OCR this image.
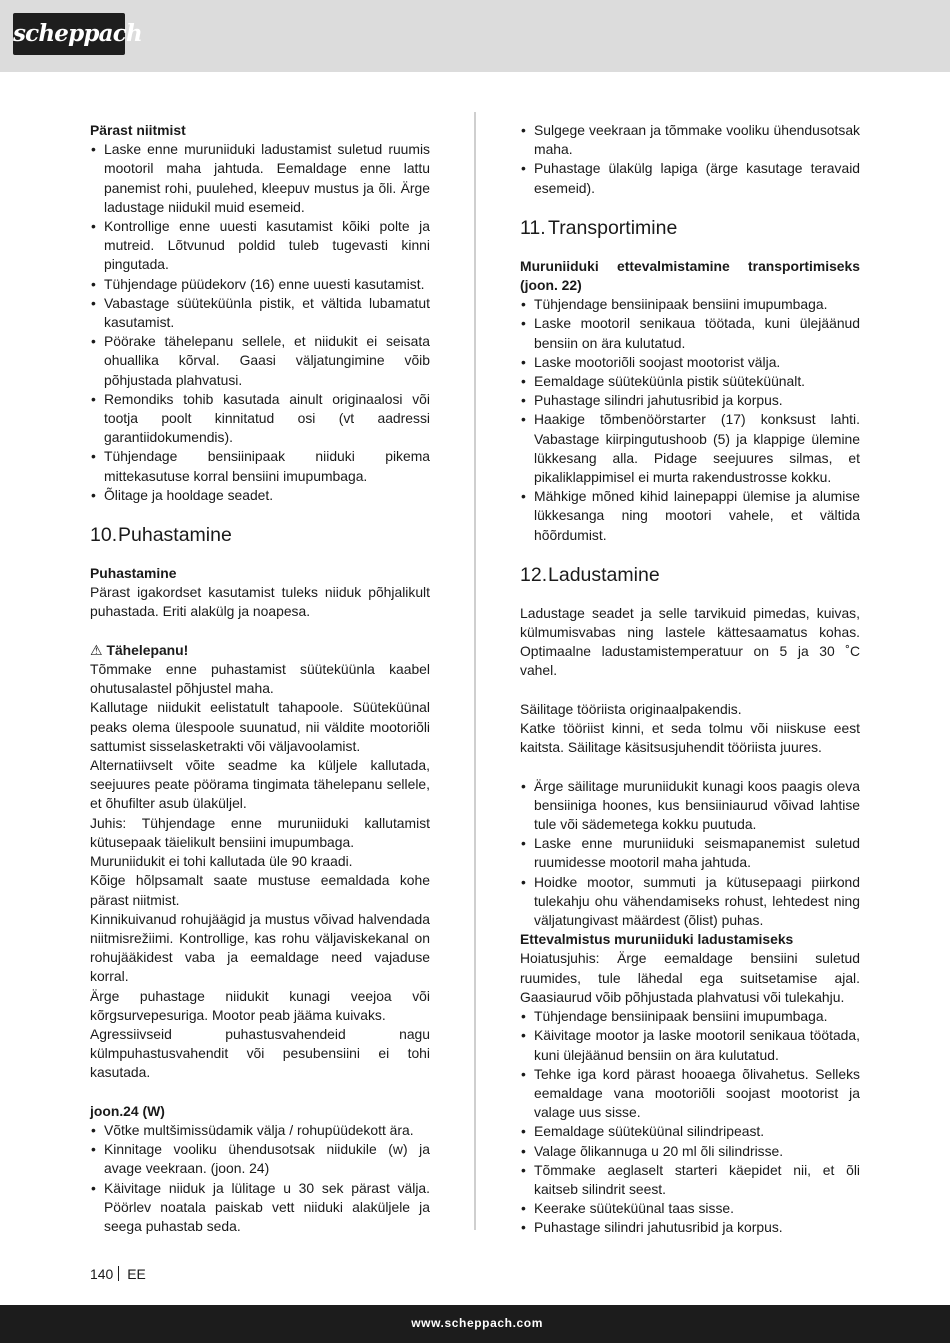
scheppach
Pärast niitmist
• Laske enne muruniiduki ladustamist suletud ruumis mootoril maha jahtuda. Eemaldage enne lattu panemist rohi, puulehed, kleepuv mustus ja õli. Ärge ladustage niidukil muid esemeid.
• Kontrollige enne uuesti kasutamist kõiki polte ja mutreid. Lõtvunud poldid tuleb tugevasti kinni pingutada.
• Tühjendage püüdekorv (16) enne uuesti kasutamist.
• Vabastage süüteküünla pistik, et vältida lubamatut kasutamist.
• Pöörake tähelepanu sellele, et niidukit ei seisata ohuallika kõrval. Gaasi väljatungimine võib põhjustada plahvatusi.
• Remondiks tohib kasutada ainult originaalosi või tootja poolt kinnitatud osi (vt aadressi garantiidokumendis).
• Tühjendage bensiinipaak niiduki pikema mittekasutuse korral bensiini imupumbaga.
• Õlitage ja hooldage seadet.
10.Puhastamine
Puhastamine
Pärast igakordset kasutamist tuleks niiduk põhjalikult puhastada. Eriti alakülg ja noapesa.
⚠ Tähelepanu!
Tõmmake enne puhastamist süüteküünla kaabel ohutusalastel põhjustel maha.
Kallutage niidukit eelistatult tahapoole. Süüteküünal peaks olema ülespoole suunatud, nii väldite mootoriõli sattumist sisselasketrakti või väljavoolamist.
Alternatiivselt võite seadme ka küljele kallutada, seejuures peate pöörama tingimata tähelepanu sellele, et õhufilter asub ülaküljel.
Juhis: Tühjendage enne muruniiduki kallutamist kütusepaak täielikult bensiini imupumbaga.
Muruniidukit ei tohi kallutada üle 90 kraadi.
Kõige hõlpsamalt saate mustuse eemaldada kohe pärast niitmist.
Kinnikuivanud rohujäägid ja mustus võivad halvendada niitmisrežiimi. Kontrollige, kas rohu väljaviskekanal on rohujääkidest vaba ja eemaldage need vajaduse korral.
Ärge puhastage niidukit kunagi veejoa või kõrgsurvepesuriga. Mootor peab jääma kuivaks.
Agressiivseid puhastusvahendeid nagu külmpuhastusvahendit või pesubensiini ei tohi kasutada.
joon.24 (W)
• Võtke multšimissüdamik välja / rohupüüdekott ära.
• Kinnitage vooliku ühendusotsak niidukile (w) ja avage veekraan. (joon. 24)
• Käivitage niiduk ja lülitage u 30 sek pärast välja. Pöörlev noatala paiskab vett niiduki alaküljele ja seega puhastab seda.
• Sulgege veekraan ja tõmmake vooliku ühendusotsak maha.
• Puhastage ülakülg lapiga (ärge kasutage teravaid esemeid).
11. Transportimine
Muruniiduki ettevalmistamine transportimiseks (joon. 22)
• Tühjendage bensiinipaak bensiini imupumbaga.
• Laske mootoril senikaua töötada, kuni ülejäänud bensiin on ära kulutatud.
• Laske mootoriõli soojast mootorist välja.
• Eemaldage süüteküünla pistik süüteküünalt.
• Puhastage silindri jahutusribid ja korpus.
• Haakige tõmbenöörstarter (17) konksust lahti. Vabastage kiirpingutushoob (5) ja klappige ülemine lükkesang alla. Pidage seejuures silmas, et pikaliklappimisel ei murta rakendustrosse kokku.
• Mähkige mõned kihid lainepappi ülemise ja alumise lükkesanga ning mootori vahele, et vältida hõõrdumist.
12.Ladustamine
Ladustage seadet ja selle tarvikuid pimedas, kuivas, külmumisvabas ning lastele kättesaamatus kohas. Optimaalne ladustamistemperatuur on 5 ja 30 ˚C vahel.
Säilitage tööriista originaalpakendis.
Katke tööriist kinni, et seda tolmu või niiskuse eest kaitsta. Säilitage käsitsusjuhendit tööriista juures.
• Ärge säilitage muruniidukit kunagi koos paagis oleva bensiiniga hoones, kus bensiiniaurud võivad lahtise tule või sädemetega kokku puutuda.
• Laske enne muruniiduki seismapanemist suletud ruumidesse mootoril maha jahtuda.
• Hoidke mootor, summuti ja kütusepaagi piirkond tulekahju ohu vähendamiseks rohust, lehtedest ning väljatungivast määrdest (õlist) puhas.
Ettevalmistus muruniiduki ladustamiseks
Hoiatusjuhis: Ärge eemaldage bensiini suletud ruumides, tule lähedal ega suitsetamise ajal. Gaasiaurud võib põhjustada plahvatusi või tulekahju.
• Tühjendage bensiinipaak bensiini imupumbaga.
• Käivitage mootor ja laske mootoril senikaua töötada, kuni ülejäänud bensiin on ära kulutatud.
• Tehke iga kord pärast hooaega õlivahetus. Selleks eemaldage vana mootoriõli soojast mootorist ja valage uus sisse.
• Eemaldage süüteküünal silindripeast.
• Valage õlikannuga u 20 ml õli silindrisse.
• Tõmmake aeglaselt starteri käepidet nii, et õli kaitseb silindrit seest.
• Keerake süüteküünal taas sisse.
• Puhastage silindri jahutusribid ja korpus.
140 EE
www.scheppach.com
